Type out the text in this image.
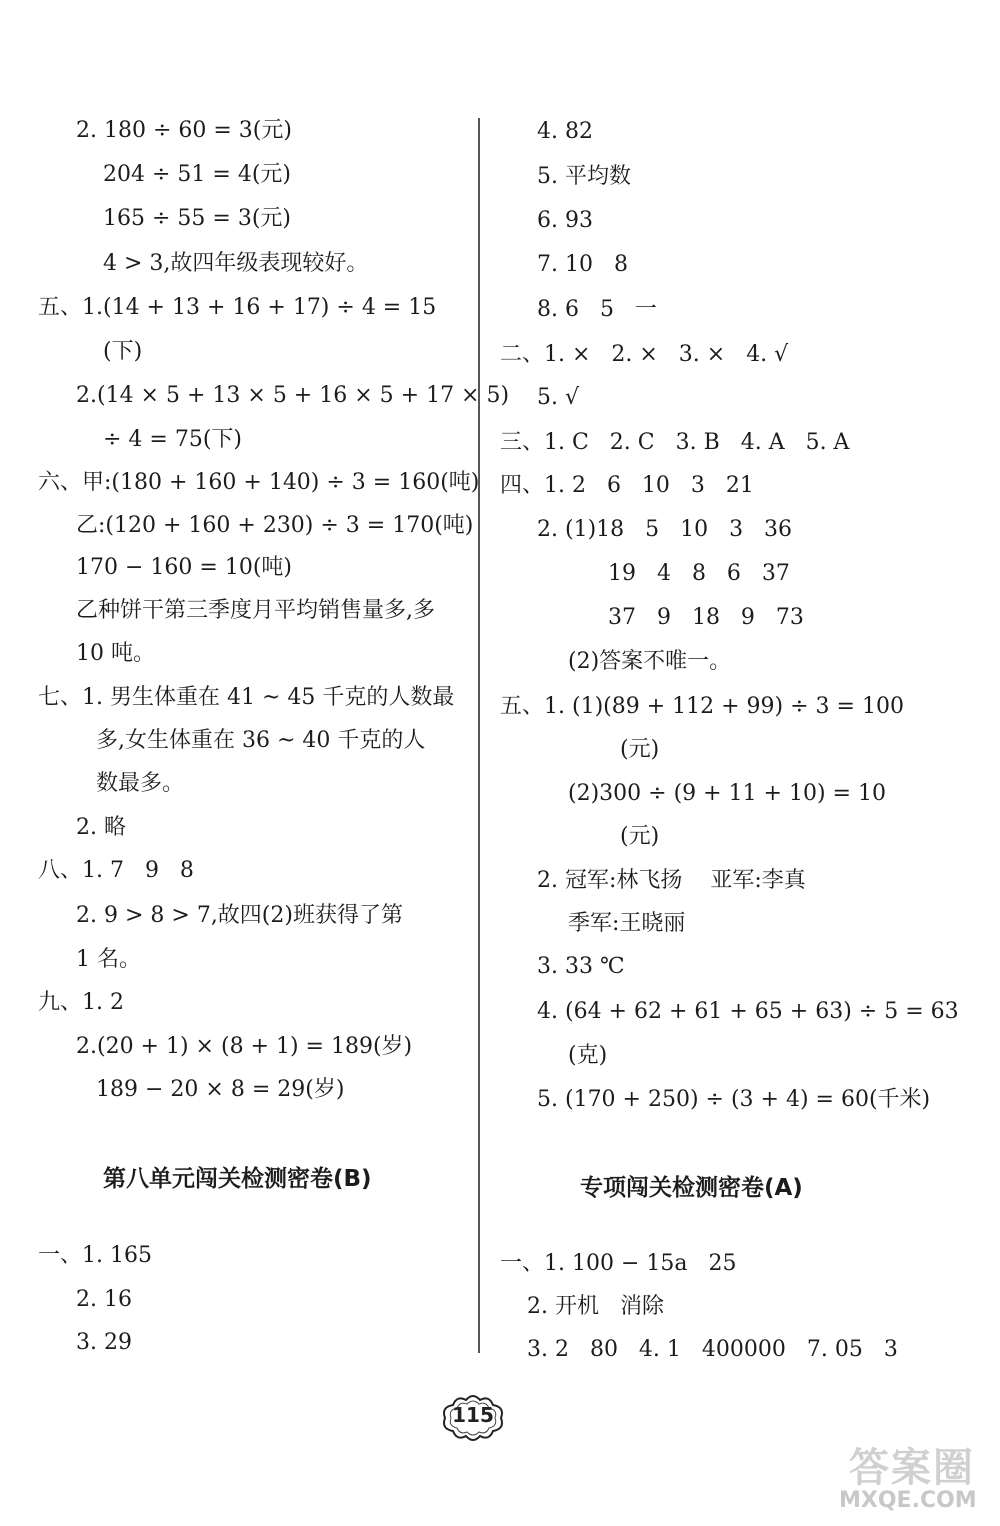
2. 180 ÷ 60 = 3(元)
204 ÷ 51 = 4(元)
165 ÷ 55 = 3(元)
4 > 3,故四年级表现较好。
五、1.(14 + 13 + 16 + 17) ÷ 4 = 15
(下)
2.(14 × 5 + 13 × 5 + 16 × 5 + 17 × 5)
÷ 4 = 75(下)
六、甲:(180 + 160 + 140) ÷ 3 = 160(吨)
乙:(120 + 160 + 230) ÷ 3 = 170(吨)
170 − 160 = 10(吨)
乙种饼干第三季度月平均销售量多,多
10 吨。
七、1. 男生体重在 41 ~ 45 千克的人数最
多,女生体重在 36 ~ 40 千克的人
数最多。
2. 略
八、1. 7   9   8
2. 9 > 8 > 7,故四(2)班获得了第
1 名。
九、1. 2
2.(20 + 1) × (8 + 1) = 189(岁)
189 − 20 × 8 = 29(岁)
一、1. 165
2. 16
3. 29
4. 82
5. 平均数
6. 93
7. 10   8
8. 6   5   一
二、1. ×   2. ×   3. ×   4. √
5. √
三、1. C   2. C   3. B   4. A   5. A
四、1. 2   6   10   3   21
2. (1)18   5   10   3   36
19   4   8   6   37
37   9   18   9   73
(2)答案不唯一。
五、1. (1)(89 + 112 + 99) ÷ 3 = 100
(元)
(2)300 ÷ (9 + 11 + 10) = 10
(元)
2. 冠军:林飞扬    亚军:李真
季军:王晓丽
3. 33 ℃
4. (64 + 62 + 61 + 65 + 63) ÷ 5 = 63
(克)
5. (170 + 250) ÷ (3 + 4) = 60(千米)
一、1. 100 − 15a   25
2. 开机   消除
3. 2   80   4. 1   400000   7. 05   3
第八单元闯关检测密卷(B)	专项闯关检测密卷(A)
115
答案圈
MXQE.COM
